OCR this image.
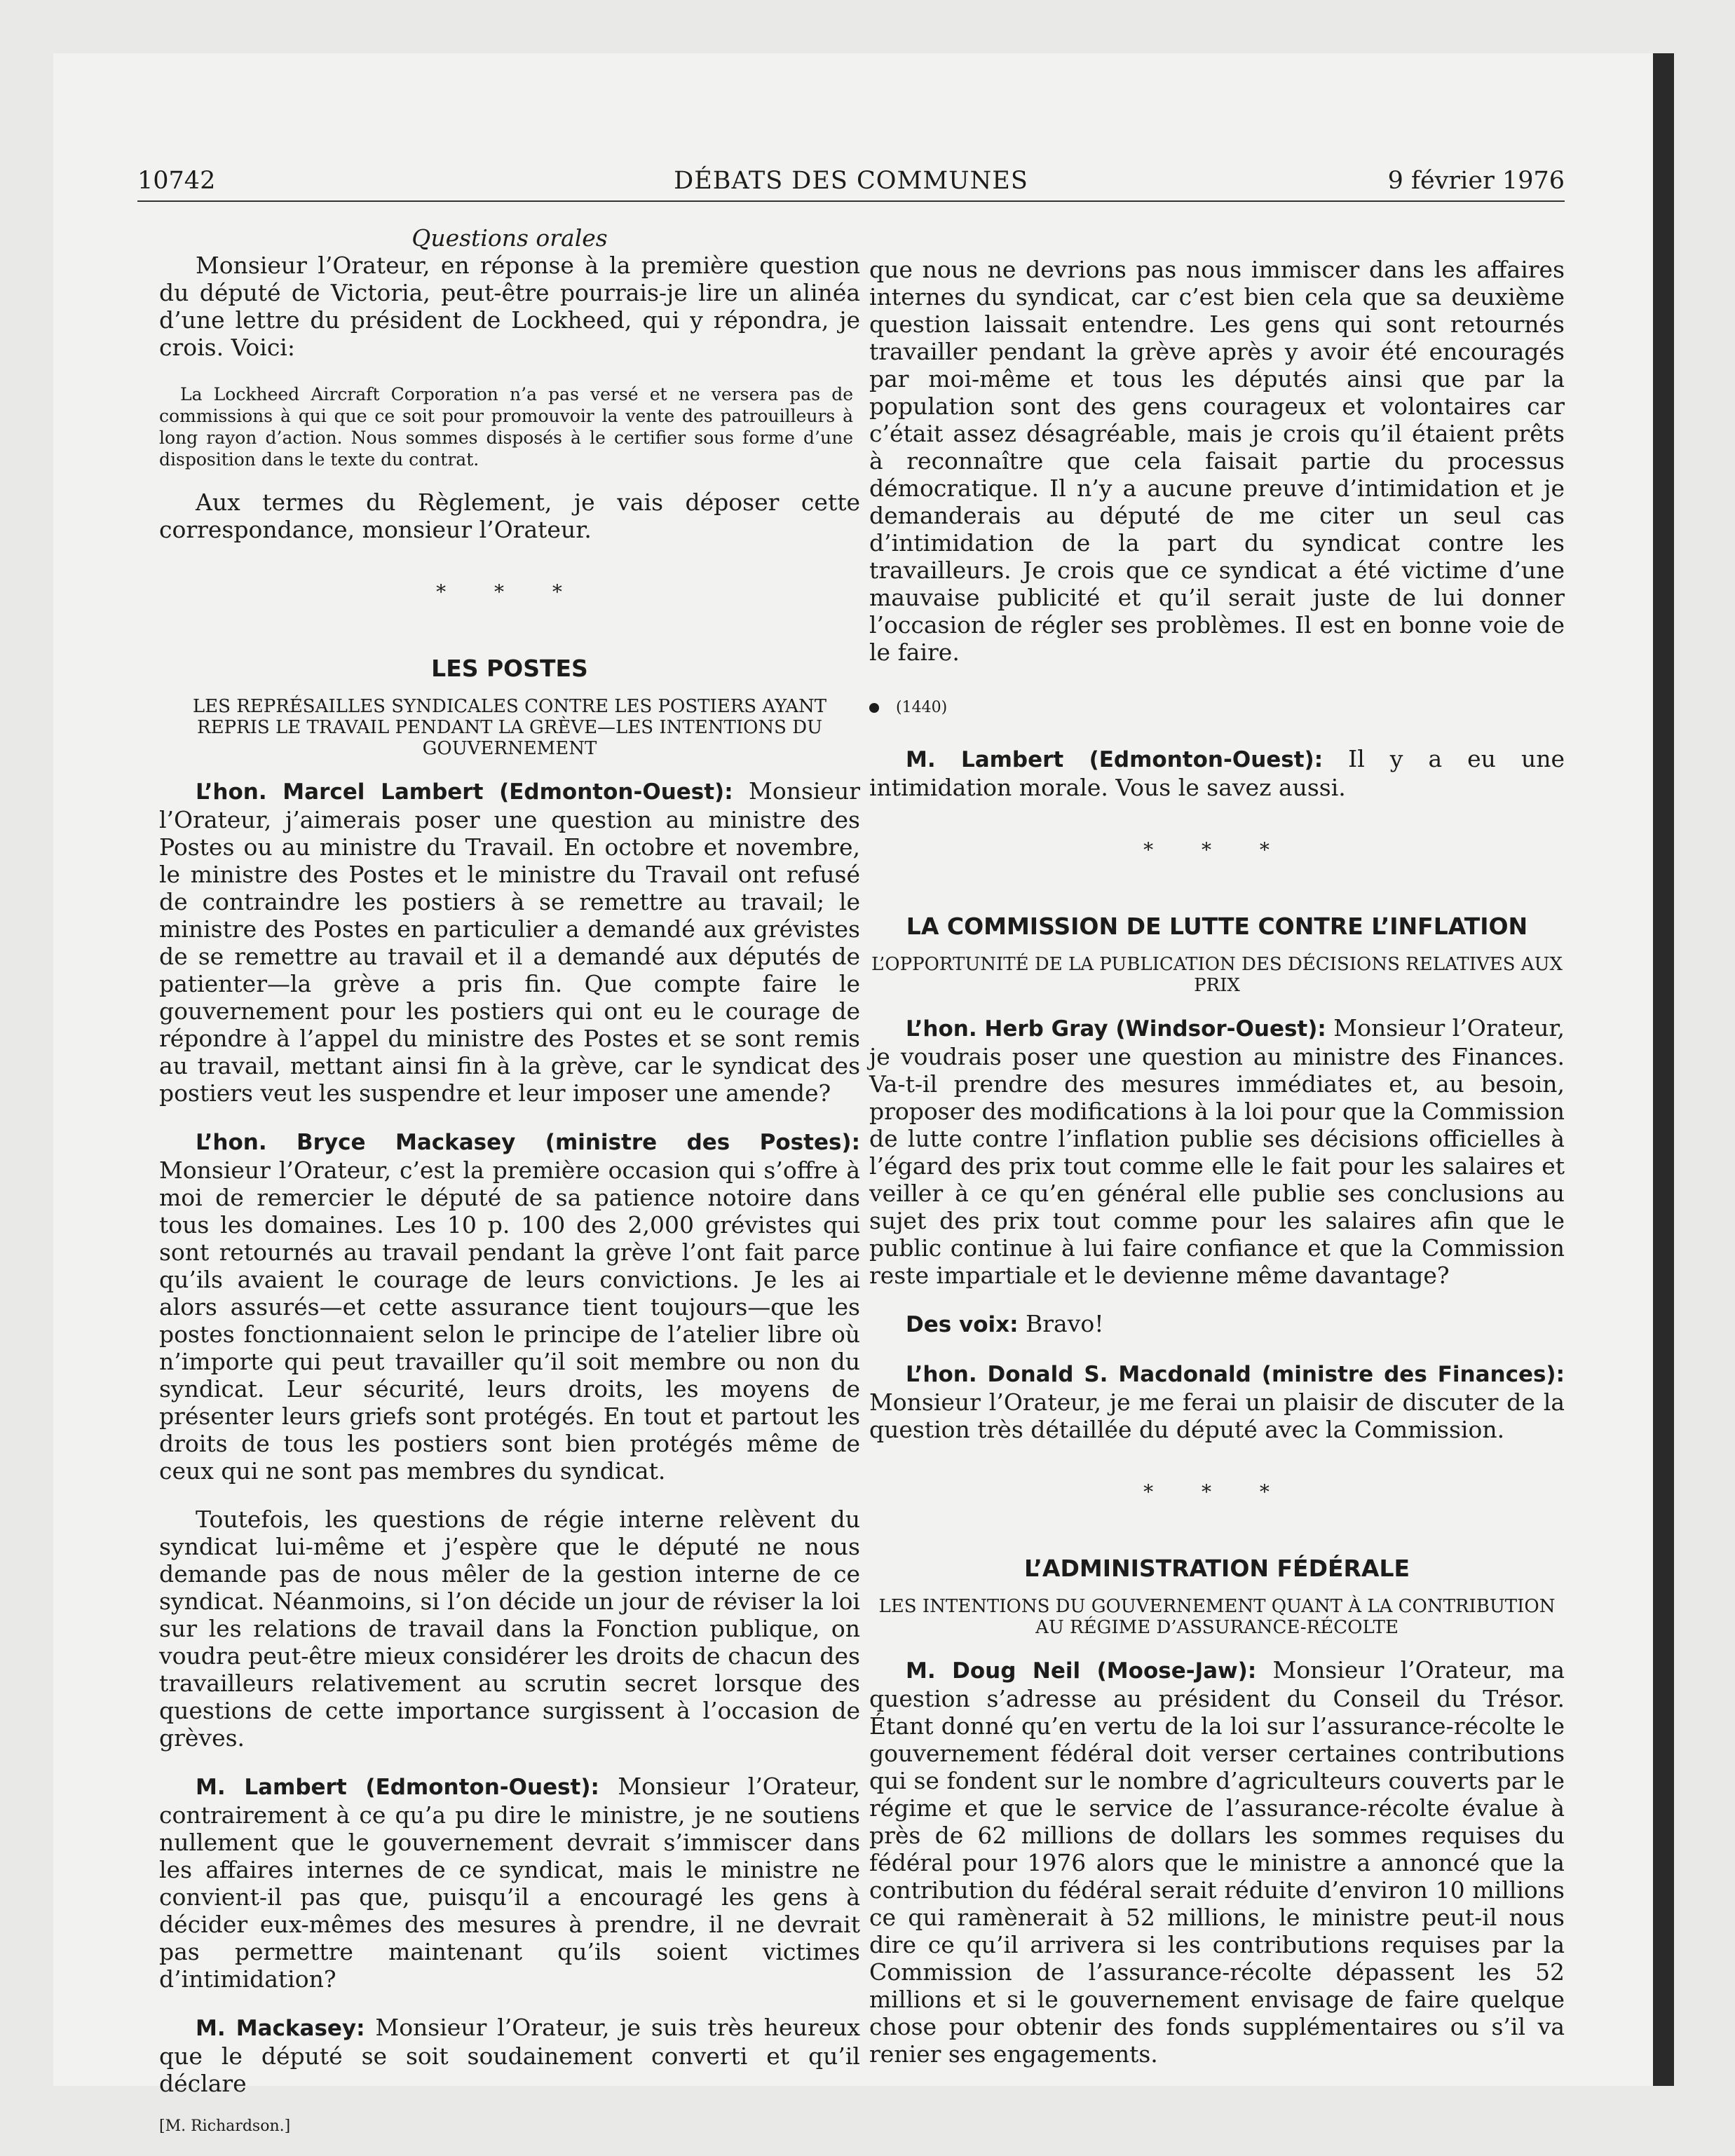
10742	DÉBATS DES COMMUNES	9 février 1976

Questions orales

Monsieur l’Orateur, en réponse à la première question du député de Victoria, peut-être pourrais-je lire un alinéa d’une lettre du président de Lockheed, qui y répondra, je crois. Voici:

La Lockheed Aircraft Corporation n’a pas versé et ne versera pas de commissions à qui que ce soit pour promouvoir la vente des patrouilleurs à long rayon d’action. Nous sommes disposés à le certifier sous forme d’une disposition dans le texte du contrat.

Aux termes du Règlement, je vais déposer cette correspondance, monsieur l’Orateur.

* * *

LES POSTES

LES REPRÉSAILLES SYNDICALES CONTRE LES POSTIERS AYANT REPRIS LE TRAVAIL PENDANT LA GRÈVE—LES INTENTIONS DU GOUVERNEMENT

L’hon. Marcel Lambert (Edmonton-Ouest): Monsieur l’Orateur, j’aimerais poser une question au ministre des Postes ou au ministre du Travail. En octobre et novembre, le ministre des Postes et le ministre du Travail ont refusé de contraindre les postiers à se remettre au travail; le ministre des Postes en particulier a demandé aux grévistes de se remettre au travail et il a demandé aux députés de patienter—la grève a pris fin. Que compte faire le gouvernement pour les postiers qui ont eu le courage de répondre à l’appel du ministre des Postes et se sont remis au travail, mettant ainsi fin à la grève, car le syndicat des postiers veut les suspendre et leur imposer une amende?

L’hon. Bryce Mackasey (ministre des Postes): Monsieur l’Orateur, c’est la première occasion qui s’offre à moi de remercier le député de sa patience notoire dans tous les domaines. Les 10 p. 100 des 2,000 grévistes qui sont retournés au travail pendant la grève l’ont fait parce qu’ils avaient le courage de leurs convictions. Je les ai alors assurés—et cette assurance tient toujours—que les postes fonctionnaient selon le principe de l’atelier libre où n’importe qui peut travailler qu’il soit membre ou non du syndicat. Leur sécurité, leurs droits, les moyens de présenter leurs griefs sont protégés. En tout et partout les droits de tous les postiers sont bien protégés même de ceux qui ne sont pas membres du syndicat.

Toutefois, les questions de régie interne relèvent du syndicat lui-même et j’espère que le député ne nous demande pas de nous mêler de la gestion interne de ce syndicat. Néanmoins, si l’on décide un jour de réviser la loi sur les relations de travail dans la Fonction publique, on voudra peut-être mieux considérer les droits de chacun des travailleurs relativement au scrutin secret lorsque des questions de cette importance surgissent à l’occasion de grèves.

M. Lambert (Edmonton-Ouest): Monsieur l’Orateur, contrairement à ce qu’a pu dire le ministre, je ne soutiens nullement que le gouvernement devrait s’immiscer dans les affaires internes de ce syndicat, mais le ministre ne convient-il pas que, puisqu’il a encouragé les gens à décider eux-mêmes des mesures à prendre, il ne devrait pas permettre maintenant qu’ils soient victimes d’intimidation?

M. Mackasey: Monsieur l’Orateur, je suis très heureux que le député se soit soudainement converti et qu’il déclare

[M. Richardson.]

que nous ne devrions pas nous immiscer dans les affaires internes du syndicat, car c’est bien cela que sa deuxième question laissait entendre. Les gens qui sont retournés travailler pendant la grève après y avoir été encouragés par moi-même et tous les députés ainsi que par la population sont des gens courageux et volontaires car c’était assez désagréable, mais je crois qu’il étaient prêts à reconnaître que cela faisait partie du processus démocratique. Il n’y a aucune preuve d’intimidation et je demanderais au député de me citer un seul cas d’intimidation de la part du syndicat contre les travailleurs. Je crois que ce syndicat a été victime d’une mauvaise publicité et qu’il serait juste de lui donner l’occasion de régler ses problèmes. Il est en bonne voie de le faire.

(1440)

M. Lambert (Edmonton-Ouest): Il y a eu une intimidation morale. Vous le savez aussi.

* * *

LA COMMISSION DE LUTTE CONTRE L’INFLATION

L’OPPORTUNITÉ DE LA PUBLICATION DES DÉCISIONS RELATIVES AUX PRIX

L’hon. Herb Gray (Windsor-Ouest): Monsieur l’Orateur, je voudrais poser une question au ministre des Finances. Va-t-il prendre des mesures immédiates et, au besoin, proposer des modifications à la loi pour que la Commission de lutte contre l’inflation publie ses décisions officielles à l’égard des prix tout comme elle le fait pour les salaires et veiller à ce qu’en général elle publie ses conclusions au sujet des prix tout comme pour les salaires afin que le public continue à lui faire confiance et que la Commission reste impartiale et le devienne même davantage?

Des voix: Bravo!

L’hon. Donald S. Macdonald (ministre des Finances): Monsieur l’Orateur, je me ferai un plaisir de discuter de la question très détaillée du député avec la Commission.

* * *

L’ADMINISTRATION FÉDÉRALE

LES INTENTIONS DU GOUVERNEMENT QUANT À LA CONTRIBUTION AU RÉGIME D’ASSURANCE-RÉCOLTE

M. Doug Neil (Moose-Jaw): Monsieur l’Orateur, ma question s’adresse au président du Conseil du Trésor. Étant donné qu’en vertu de la loi sur l’assurance-récolte le gouvernement fédéral doit verser certaines contributions qui se fondent sur le nombre d’agriculteurs couverts par le régime et que le service de l’assurance-récolte évalue à près de 62 millions de dollars les sommes requises du fédéral pour 1976 alors que le ministre a annoncé que la contribution du fédéral serait réduite d’environ 10 millions ce qui ramènerait à 52 millions, le ministre peut-il nous dire ce qu’il arrivera si les contributions requises par la Commission de l’assurance-récolte dépassent les 52 millions et si le gouvernement envisage de faire quelque chose pour obtenir des fonds supplémentaires ou s’il va renier ses engagements.
